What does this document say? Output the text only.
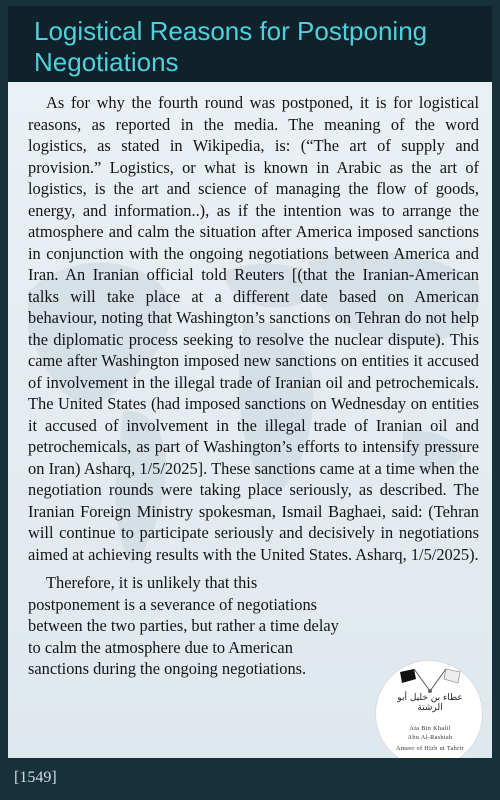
Logistical Reasons for Postponing Negotiations

As for why the fourth round was postponed, it is for logistical reasons, as reported in the media. The meaning of the word logistics, as stated in Wikipedia, is: (“The art of supply and provision.” Logistics, or what is known in Arabic as the art of logistics, is the art and science of managing the flow of goods, energy, and information..), as if the intention was to arrange the atmosphere and calm the situation after America imposed sanctions in conjunction with the ongoing negotiations between America and Iran. An Iranian official told Reuters [(that the Iranian-American talks will take place at a different date based on American behaviour, noting that Washington’s sanctions on Tehran do not help the diplomatic process seeking to resolve the nuclear dispute). This came after Washington imposed new sanctions on entities it accused of involvement in the illegal trade of Iranian oil and petrochemicals. The United States (had imposed sanctions on Wednesday on entities it accused of involvement in the illegal trade of Iranian oil and petrochemicals, as part of Washington’s efforts to intensify pressure on Iran) Asharq, 1/5/2025]. These sanctions came at a time when the negotiation rounds were taking place seriously, as described. The Iranian Foreign Ministry spokesman, Ismail Baghaei, said: (Tehran will continue to participate seriously and decisively in negotiations aimed at achieving results with the United States. Asharq, 1/5/2025).

Therefore, it is unlikely that this postponement is a severance of negotiations between the two parties, but rather a time delay to calm the atmosphere due to American sanctions during the ongoing negotiations.

عطاء بن خليل أبو الرشتة
Ata Bin Khalil
Abu Al-Rashtah
Ameer of Hizb ut Tahrir
[1549]
